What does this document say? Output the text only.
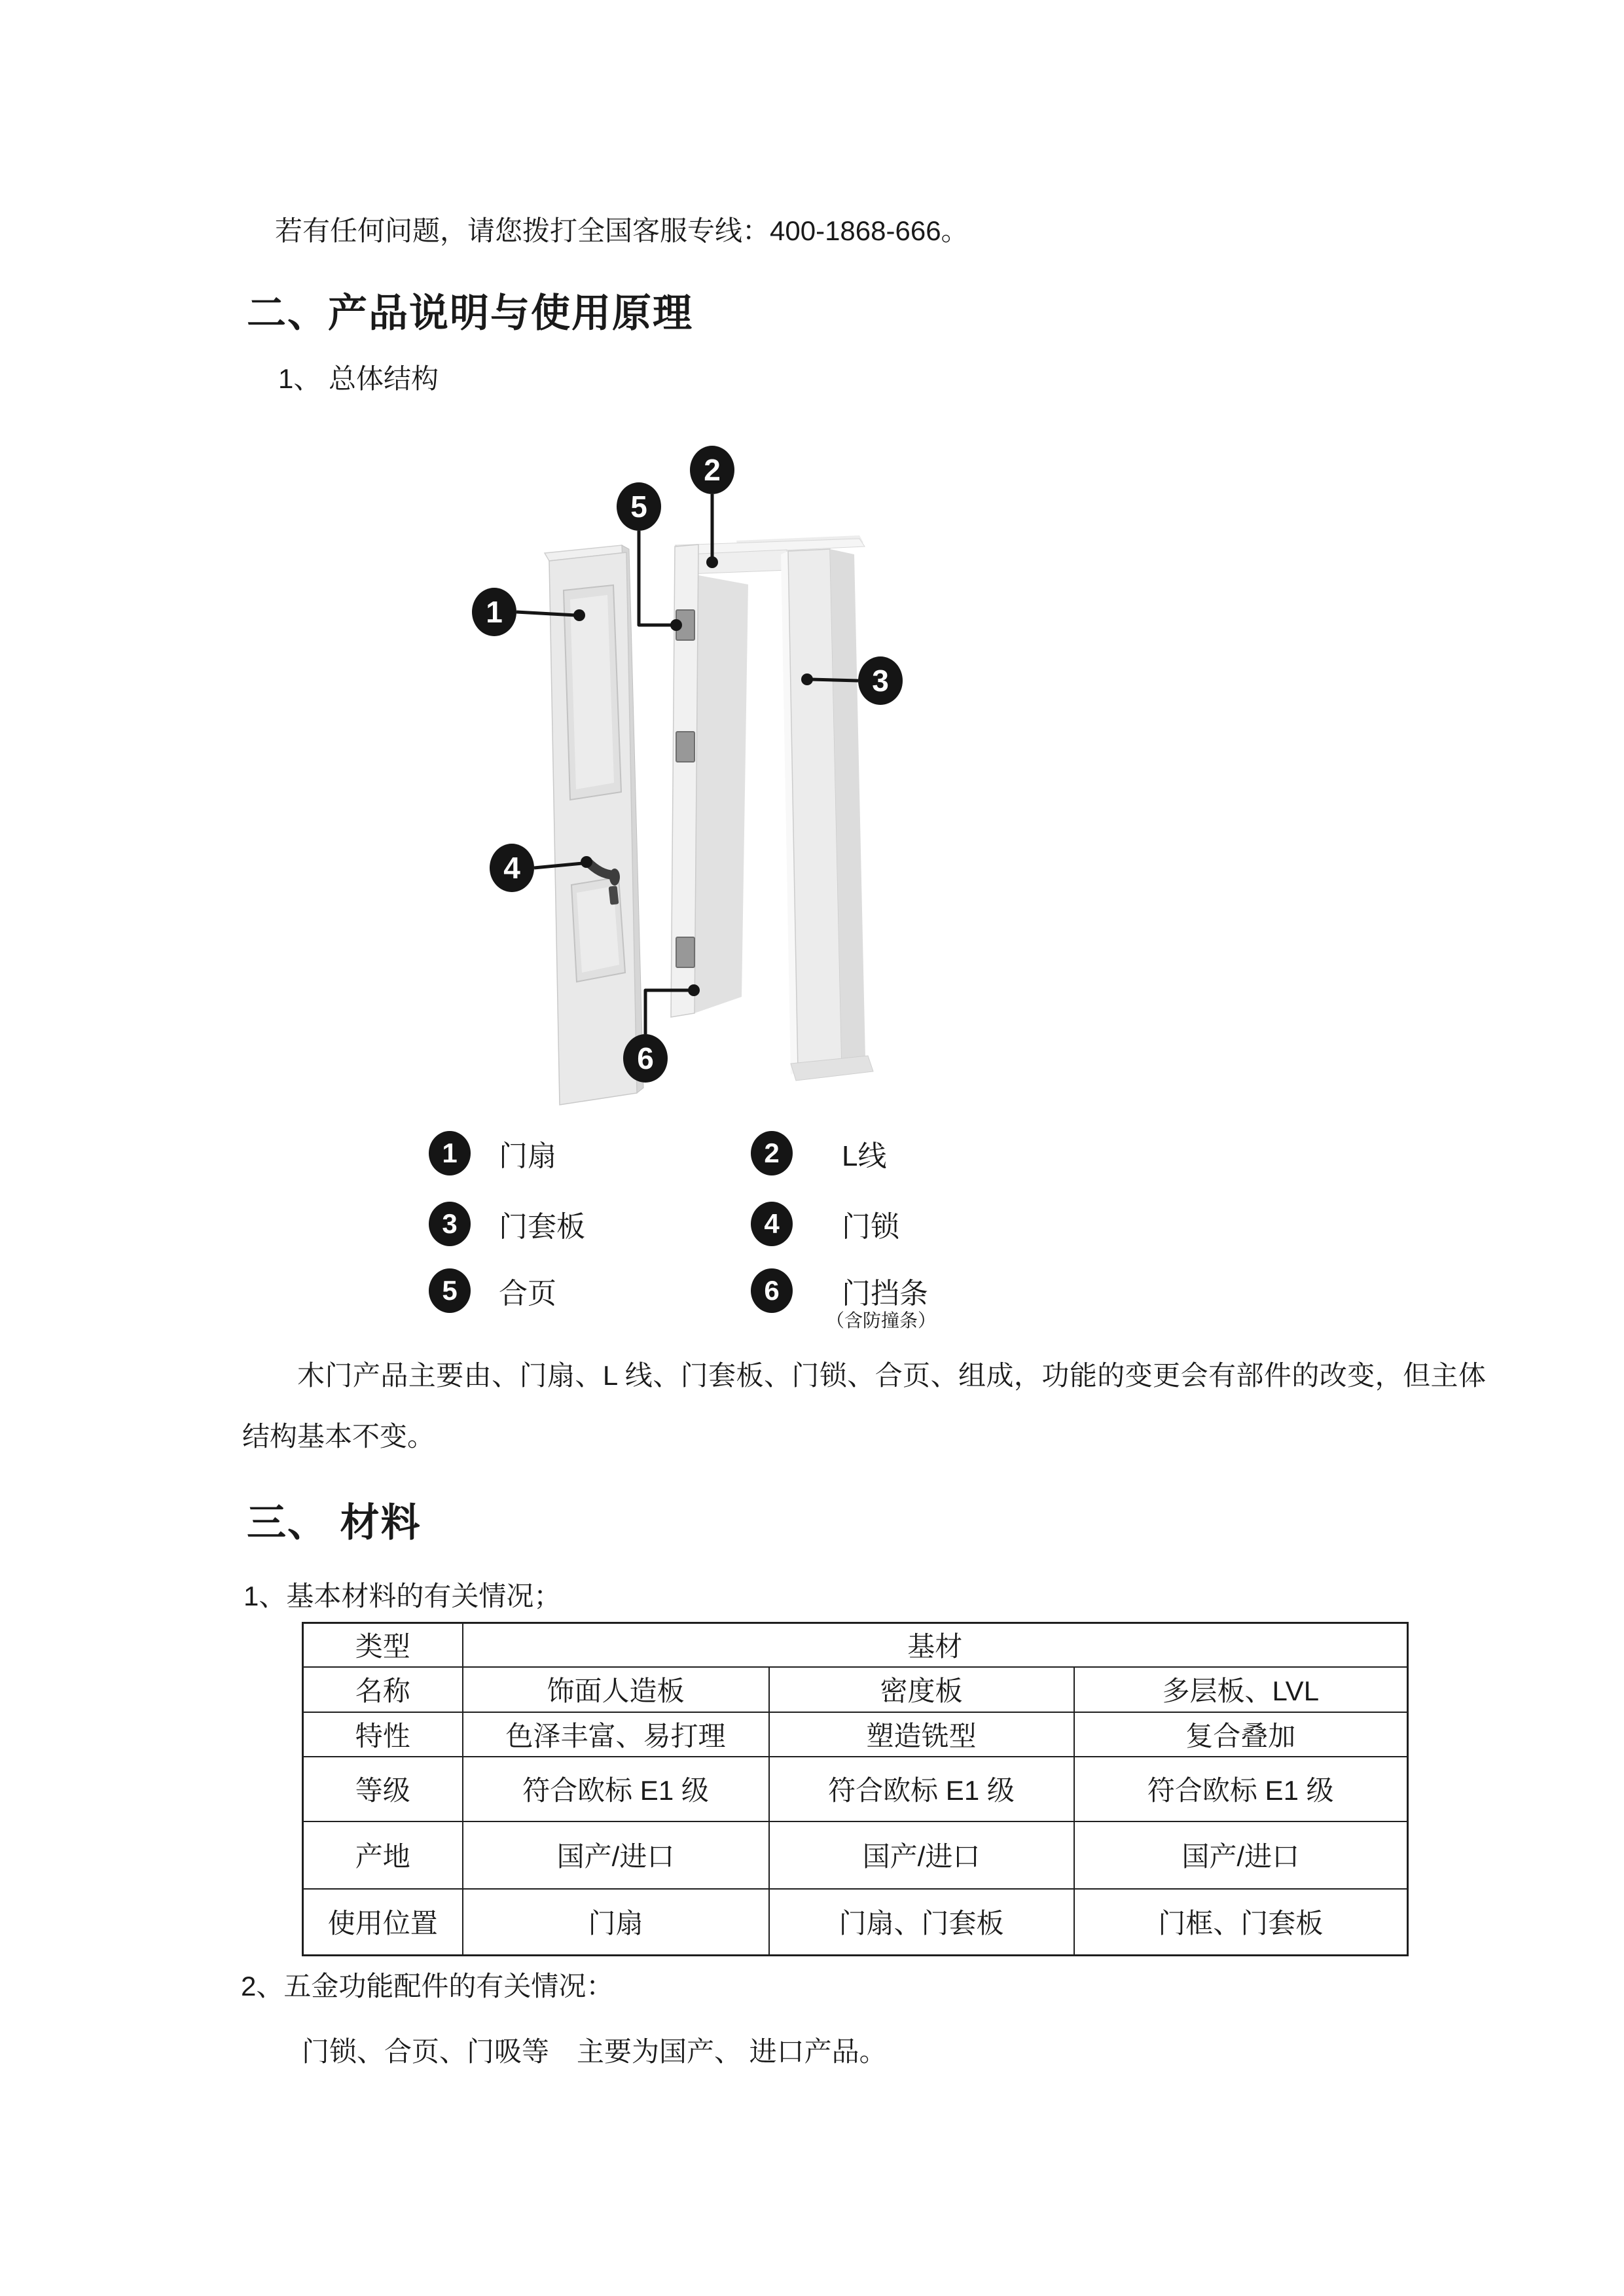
若有任何问题，请您拨打全国客服专线：400-1868-666。
二、产品说明与使用原理
1、 总体结构
1
2
5
3
4
6
1	门扇	2	L线
3	门套板	4	门锁
5	合页	6	门挡条
（含防撞条）
木门产品主要由、门扇、L 线、门套板、门锁、合页、组成，功能的变更会有部件的改变，但主体结构基本不变。
三、 材料
1、基本材料的有关情况；
类型	基材		
名称	饰面人造板	密度板	多层板、LVL
特性	色泽丰富、易打理	塑造铣型	复合叠加
等级	符合欧标 E1 级	符合欧标 E1 级	符合欧标 E1 级
产地	国产/进口	国产/进口	国产/进口
使用位置	门扇	门扇、门套板	门框、门套板
2、五金功能配件的有关情况：
门锁、合页、门吸等　主要为国产、 进口产品。
